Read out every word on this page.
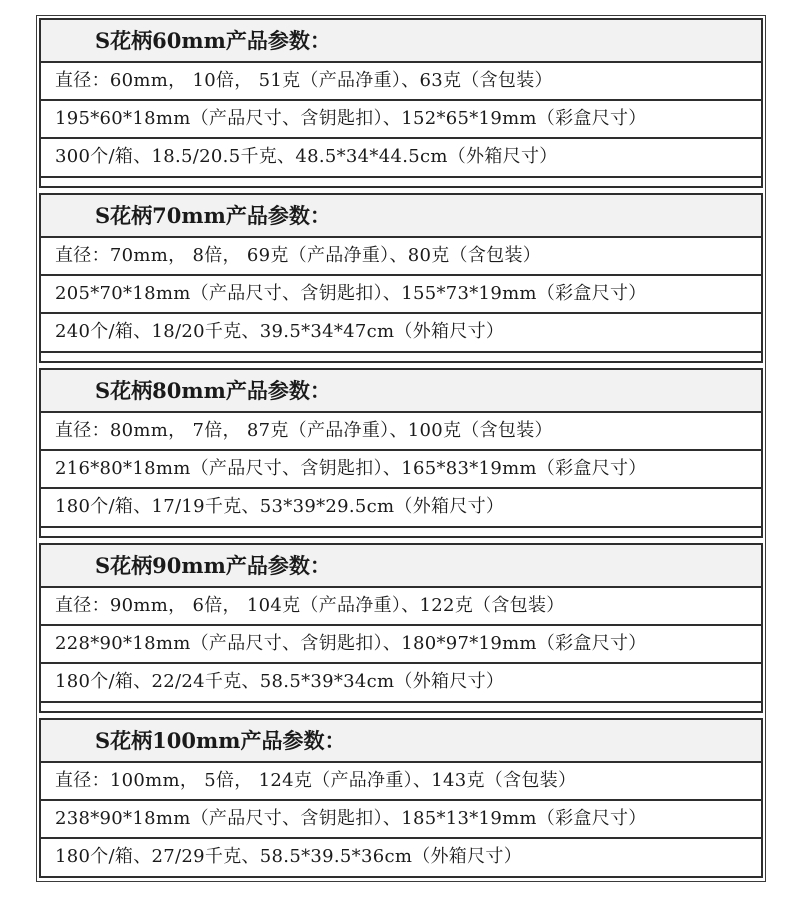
S花柄60mm产品参数：
直径：60mm， 10倍， 51克（产品净重）、63克（含包装）
195*60*18mm（产品尺寸、含钥匙扣）、152*65*19mm（彩盒尺寸）
300个/箱、18.5/20.5千克、48.5*34*44.5cm（外箱尺寸）
S花柄70mm产品参数：
直径：70mm， 8倍， 69克（产品净重）、80克（含包装）
205*70*18mm（产品尺寸、含钥匙扣）、155*73*19mm（彩盒尺寸）
240个/箱、18/20千克、39.5*34*47cm（外箱尺寸）
S花柄80mm产品参数：
直径：80mm， 7倍， 87克（产品净重）、100克（含包装）
216*80*18mm（产品尺寸、含钥匙扣）、165*83*19mm（彩盒尺寸）
180个/箱、17/19千克、53*39*29.5cm（外箱尺寸）
S花柄90mm产品参数：
直径：90mm， 6倍， 104克（产品净重）、122克（含包装）
228*90*18mm（产品尺寸、含钥匙扣）、180*97*19mm（彩盒尺寸）
180个/箱、22/24千克、58.5*39*34cm（外箱尺寸）
S花柄100mm产品参数：
直径：100mm， 5倍， 124克（产品净重）、143克（含包装）
238*90*18mm（产品尺寸、含钥匙扣）、185*13*19mm（彩盒尺寸）
180个/箱、27/29千克、58.5*39.5*36cm（外箱尺寸）
